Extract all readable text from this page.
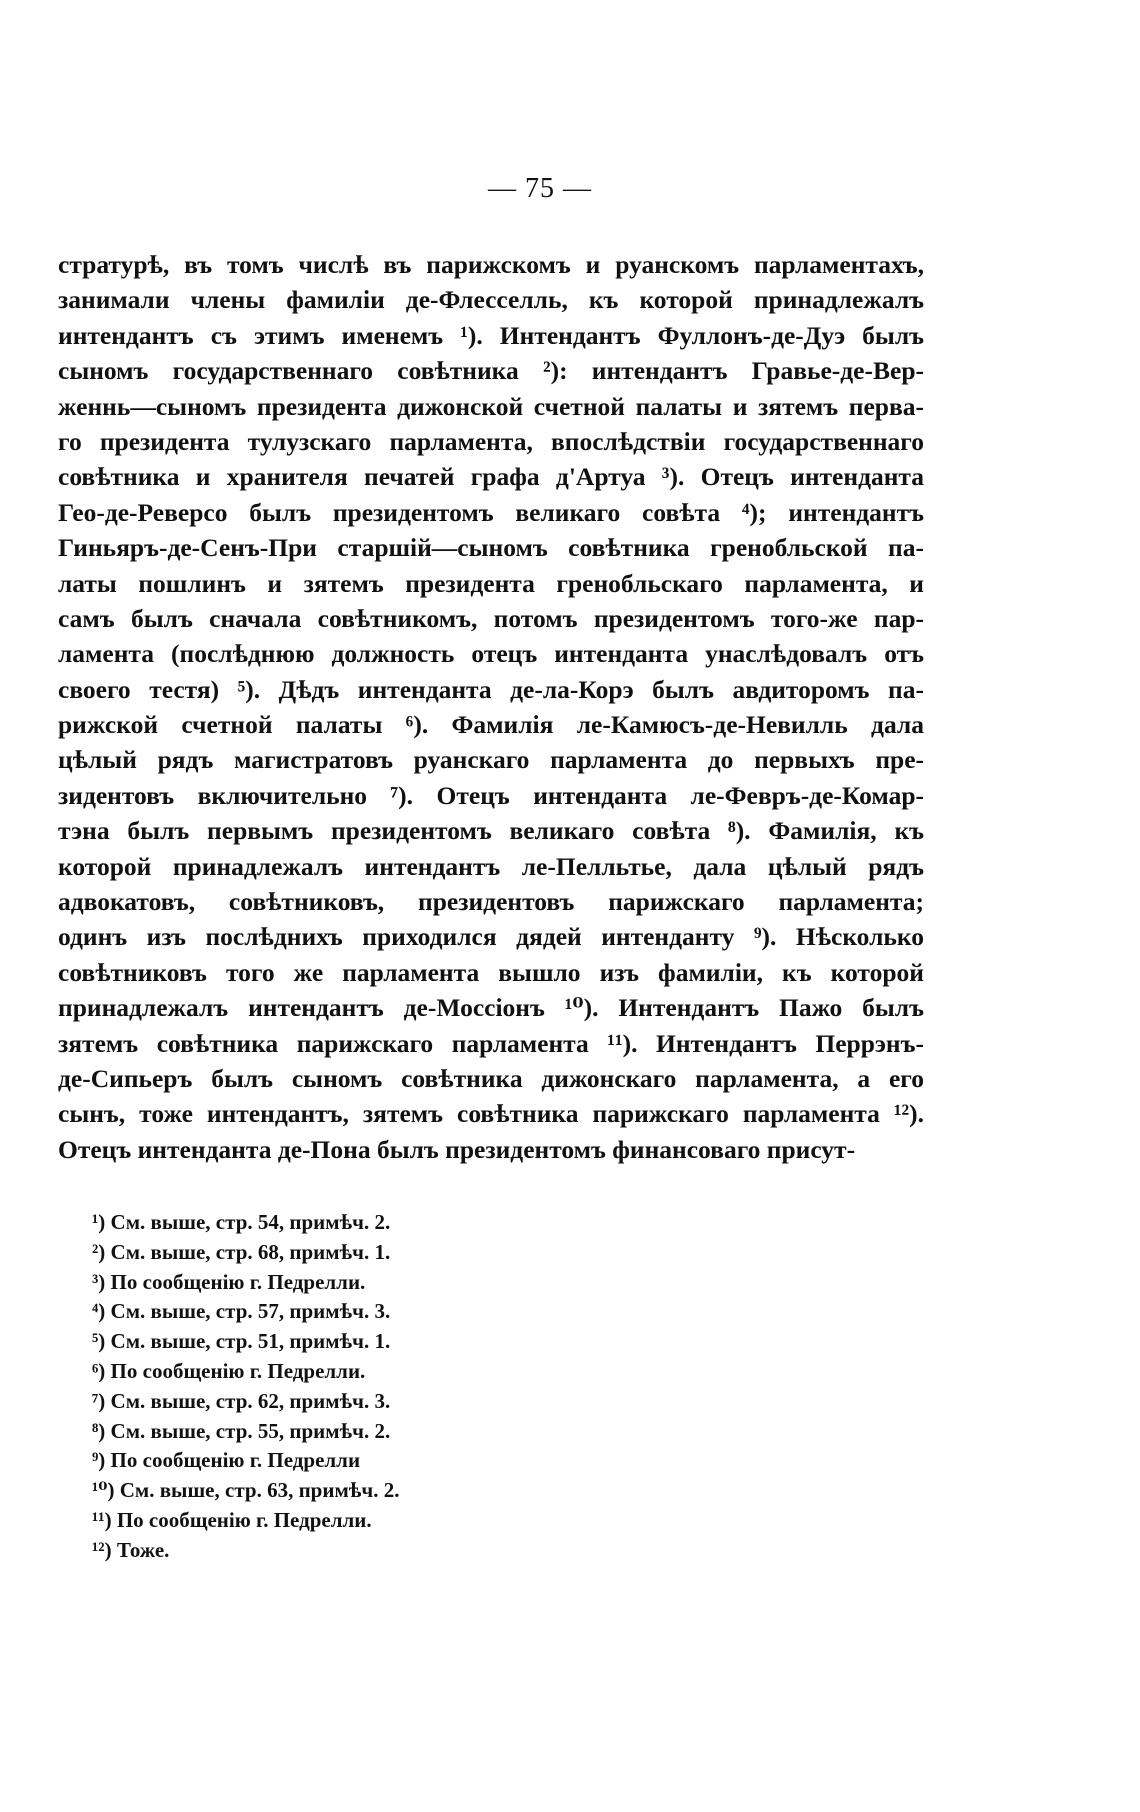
— 75 —
стратурѣ, въ томъ числѣ въ парижскомъ и руанскомъ парламентахъ,
занимали члены фамиліи де-Флесселль, къ которой принадлежалъ
интендантъ съ этимъ именемъ ¹). Интендантъ Фуллонъ-де-Дуэ былъ
сыномъ государственнаго совѣтника ²): интендантъ Гравье-де-Вер-
женнь—сыномъ президента дижонской счетной палаты и зятемъ перва-
го президента тулузскаго парламента, впослѣдствіи государственнаго
совѣтника и хранителя печатей графа д'Артуа ³). Отецъ интенданта
Гео-де-Реверсо былъ президентомъ великаго совѣта ⁴); интендантъ
Гиньяръ-де-Сенъ-При старшій—сыномъ совѣтника гренобльской па-
латы пошлинъ и зятемъ президента гренобльскаго парламента, и
самъ былъ сначала совѣтникомъ, потомъ президентомъ того-же пар-
ламента (послѣднюю должность отецъ интенданта унаслѣдовалъ отъ
своего тестя) ⁵). Дѣдъ интенданта де-ла-Корэ былъ авдиторомъ па-
рижской счетной палаты ⁶). Фамилія ле-Камюсъ-де-Невилль дала
цѣлый рядъ магистратовъ руанскаго парламента до первыхъ пре-
зидентовъ включительно ⁷). Отецъ интенданта ле-Февръ-де-Комар-
тэна былъ первымъ президентомъ великаго совѣта ⁸). Фамилія, къ
которой принадлежалъ интендантъ ле-Пелльтье, дала цѣлый рядъ
адвокатовъ, совѣтниковъ, президентовъ парижскаго парламента;
одинъ изъ послѣднихъ приходился дядей интенданту ⁹). Нѣсколько
совѣтниковъ того же парламента вышло изъ фамиліи, къ которой
принадлежалъ интендантъ де-Моссіонъ ¹⁰). Интендантъ Пажо былъ
зятемъ совѣтника парижскаго парламента ¹¹). Интендантъ Перрэнъ-
де-Сипьеръ былъ сыномъ совѣтника дижонскаго парламента, а его
сынъ, тоже интендантъ, зятемъ совѣтника парижскаго парламента ¹²).
Отецъ интенданта де-Пона былъ президентомъ финансоваго присут-
¹) См. выше, стр. 54, примѣч. 2.
²) См. выше, стр. 68, примѣч. 1.
³) По сообщенію г. Педрелли.
⁴) См. выше, стр. 57, примѣч. 3.
⁵) См. выше, стр. 51, примѣч. 1.
⁶) По сообщенію г. Педрелли.
⁷) См. выше, стр. 62, примѣч. 3.
⁸) См. выше, стр. 55, примѣч. 2.
⁹) По сообщенію г. Педрелли
¹⁰) См. выше, стр. 63, примѣч. 2.
¹¹) По сообщенію г. Педрелли.
¹²) Тоже.
